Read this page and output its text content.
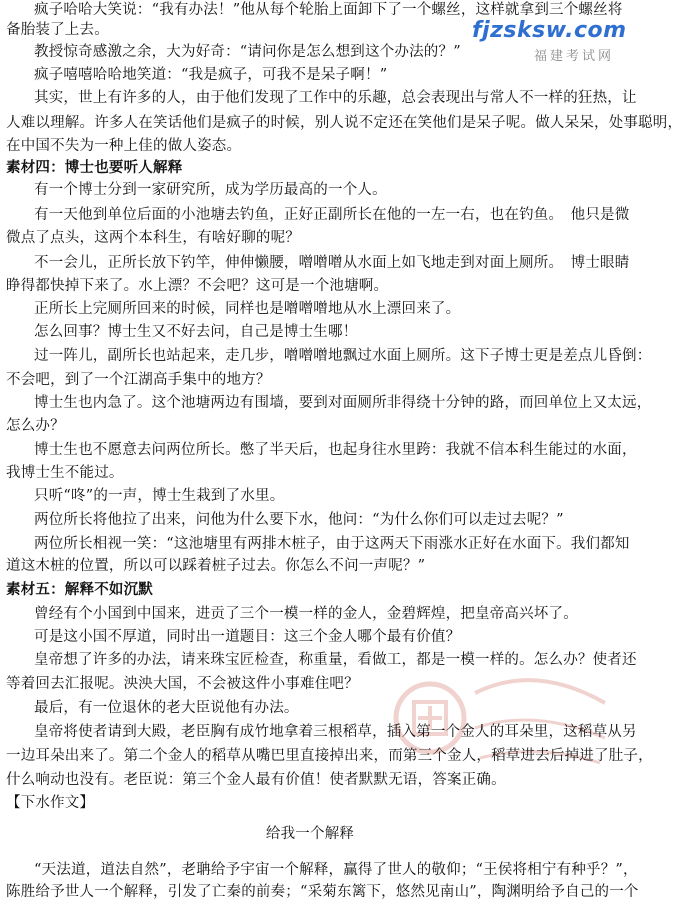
fjzsksw.com
福建考试网
疯子哈哈大笑说：“我有办法！”他从每个轮胎上面卸下了一个螺丝，这样就拿到三个螺丝将
备胎装了上去。
教授惊奇感激之余，大为好奇：“请问你是怎么想到这个办法的？”
疯子嘻嘻哈哈地笑道：“我是疯子，可我不是呆子啊！”
其实，世上有许多的人，由于他们发现了工作中的乐趣，总会表现出与常人不一样的狂热，让
人难以理解。许多人在笑话他们是疯子的时候，别人说不定还在笑他们是呆子呢。做人呆呆，处事聪明，
在中国不失为一种上佳的做人姿态。
素材四：博士也要听人解释
有一个博士分到一家研究所，成为学历最高的一个人。
有一天他到单位后面的小池塘去钓鱼，正好正副所长在他的一左一右，也在钓鱼。　他只是微
微点了点头，这两个本科生，有啥好聊的呢？
不一会儿，正所长放下钓竿，伸伸懒腰，噌噌噌从水面上如飞地走到对面上厕所。　博士眼睛
睁得都快掉下来了。水上漂？不会吧？这可是一个池塘啊。
正所长上完厕所回来的时候，同样也是噌噌噌地从水上漂回来了。
怎么回事？博士生又不好去问，自己是博士生哪！
过一阵儿，副所长也站起来，走几步，噌噌噌地飘过水面上厕所。这下子博士更是差点儿昏倒：
不会吧，到了一个江湖高手集中的地方？
博士生也内急了。这个池塘两边有围墙，要到对面厕所非得绕十分钟的路，而回单位上又太远，
怎么办？
博士生也不愿意去问两位所长。憋了半天后，也起身往水里跨：我就不信本科生能过的水面，
我博士生不能过。
只听“咚”的一声，博士生栽到了水里。
两位所长将他拉了出来，问他为什么要下水，他问：“为什么你们可以走过去呢？”
两位所长相视一笑：“这池塘里有两排木桩子，由于这两天下雨涨水正好在水面下。我们都知
道这木桩的位置，所以可以踩着桩子过去。你怎么不问一声呢？”
素材五：解释不如沉默
曾经有个小国到中国来，进贡了三个一模一样的金人，金碧辉煌，把皇帝高兴坏了。
可是这小国不厚道，同时出一道题目：这三个金人哪个最有价值？
皇帝想了许多的办法，请来珠宝匠检查，称重量，看做工，都是一模一样的。怎么办？使者还
等着回去汇报呢。泱泱大国，不会被这件小事难住吧？
最后，有一位退休的老大臣说他有办法。
皇帝将使者请到大殿，老臣胸有成竹地拿着三根稻草，插入第一个金人的耳朵里，这稻草从另
一边耳朵出来了。第二个金人的稻草从嘴巴里直接掉出来，而第三个金人，稻草进去后掉进了肚子，
什么响动也没有。老臣说：第三个金人最有价值！使者默默无语，答案正确。
【下水作文】
给我一个解释
“天法道，道法自然”，老聃给予宇宙一个解释，赢得了世人的敬仰；“王侯将相宁有种乎？”，
陈胜给予世人一个解释，引发了亡秦的前奏；“采菊东篱下，悠然见南山”，陶渊明给予自己的一个
